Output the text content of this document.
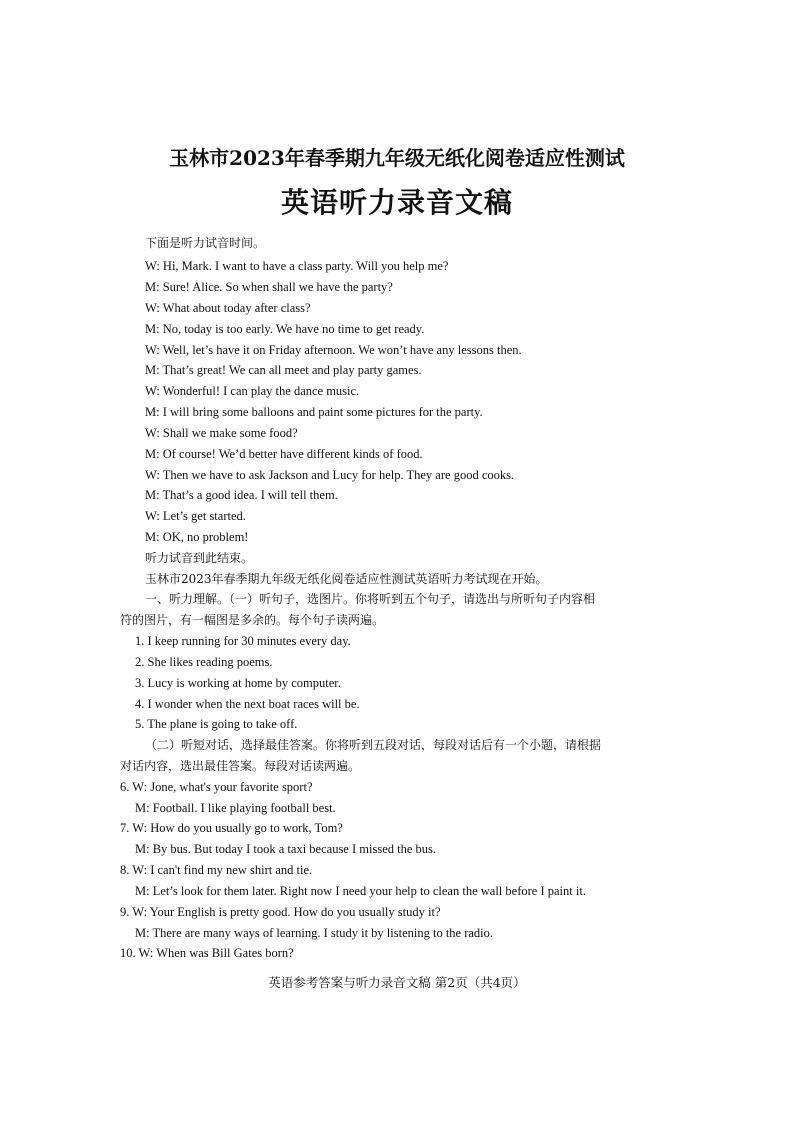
玉林市2023年春季期九年级无纸化阅卷适应性测试
英语听力录音文稿
下面是听力试音时间。
W: Hi, Mark. I want to have a class party. Will you help me?
M: Sure! Alice. So when shall we have the party?
W: What about today after class?
M: No, today is too early. We have no time to get ready.
W: Well, let’s have it on Friday afternoon. We won’t have any lessons then.
M: That’s great! We can all meet and play party games.
W: Wonderful! I can play the dance music.
M: I will bring some balloons and paint some pictures for the party.
W: Shall we make some food?
M: Of course! We’d better have different kinds of food.
W: Then we have to ask Jackson and Lucy for help. They are good cooks.
M: That’s a good idea. I will tell them.
W: Let’s get started.
M: OK, no problem!
听力试音到此结束。
玉林市2023年春季期九年级无纸化阅卷适应性测试英语听力考试现在开始。
一、听力理解。（一）听句子，选图片。你将听到五个句子，请选出与所听句子内容相
符的图片，有一幅图是多余的。每个句子读两遍。
1. I keep running for 30 minutes every day.
2. She likes reading poems.
3. Lucy is working at home by computer.
4. I wonder when the next boat races will be.
5. The plane is going to take off.
（二）听短对话，选择最佳答案。你将听到五段对话，每段对话后有一个小题，请根据
对话内容，选出最佳答案。每段对话读两遍。
6. W: Jone, what's your favorite sport?
M: Football. I like playing football best.
7. W: How do you usually go to work, Tom?
M: By bus. But today I took a taxi because I missed the bus.
8. W: I can't find my new shirt and tie.
M: Let’s look for them later. Right now I need your help to clean the wall before I paint it.
9. W: Your English is pretty good. How do you usually study it?
M: There are many ways of learning. I study it by listening to the radio.
10. W: When was Bill Gates born?
英语参考答案与听力录音文稿 第2页（共4页）
